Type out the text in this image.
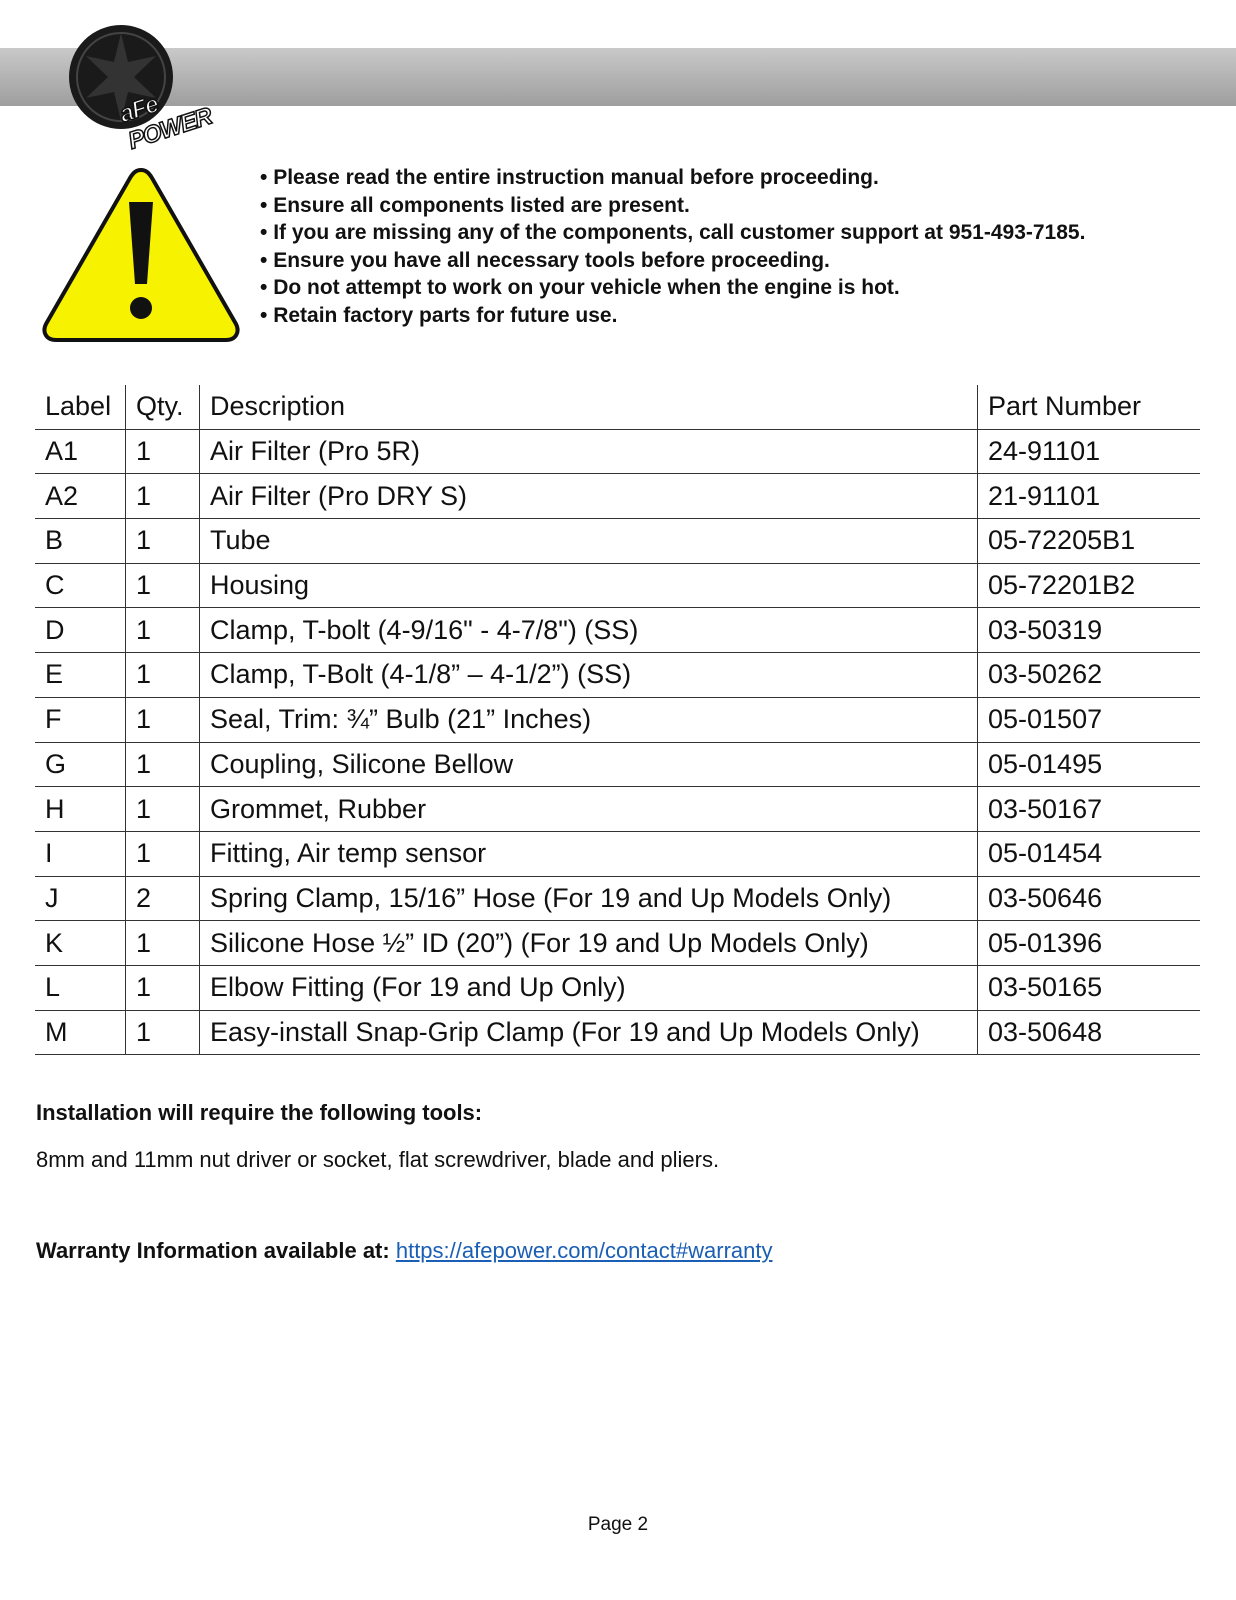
aFe POWER
• Please read the entire instruction manual before proceeding.
• Ensure all components listed are present.
• If you are missing any of the components, call customer support at 951-493-7185.
• Ensure you have all necessary tools before proceeding.
• Do not attempt to work on your vehicle when the engine is hot.
• Retain factory parts for future use.
Label	Qty.	Description	Part Number
A1	1	Air Filter (Pro 5R)	24-91101
A2	1	Air Filter (Pro DRY S)	21-91101
B	1	Tube	05-72205B1
C	1	Housing	05-72201B2
D	1	Clamp, T-bolt (4-9/16" - 4-7/8") (SS)	03-50319
E	1	Clamp, T-Bolt (4-1/8” – 4-1/2”) (SS)	03-50262
F	1	Seal, Trim: ¾” Bulb (21” Inches)	05-01507
G	1	Coupling, Silicone Bellow	05-01495
H	1	Grommet, Rubber	03-50167
I	1	Fitting, Air temp sensor	05-01454
J	2	Spring Clamp, 15/16” Hose (For 19 and Up Models Only)	03-50646
K	1	Silicone Hose ½” ID (20”) (For 19 and Up Models Only)	05-01396
L	1	Elbow Fitting (For 19 and Up Only)	03-50165
M	1	Easy-install Snap-Grip Clamp (For 19 and Up Models Only)	03-50648
Installation will require the following tools:
8mm and 11mm nut driver or socket, flat screwdriver, blade and pliers.
Warranty Information available at: https://afepower.com/contact#warranty
Page 2
